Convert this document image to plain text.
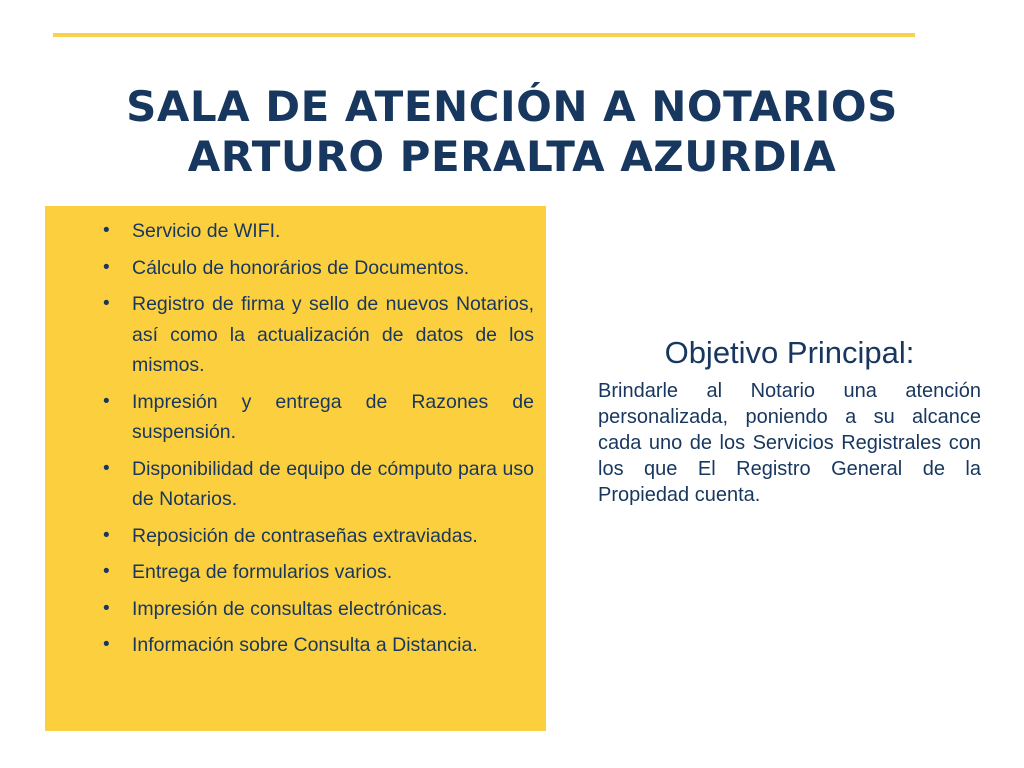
SALA DE ATENCIÓN A NOTARIOS
ARTURO PERALTA AZURDIA
• Servicio de WIFI.
• Cálculo de honorários de Documentos.
• Registro de firma y sello de nuevos Notarios, así como la actualización de datos de los mismos.
• Impresión y entrega de Razones de suspensión.
• Disponibilidad de equipo de cómputo para uso de Notarios.
• Reposición de contraseñas extraviadas.
• Entrega de formularios varios.
• Impresión de consultas electrónicas.
• Información sobre Consulta a Distancia.
Objetivo Principal:

Brindarle al Notario una atención personalizada, poniendo a su alcance cada uno de los Servicios Registrales con los que El Registro General de la Propiedad cuenta.
